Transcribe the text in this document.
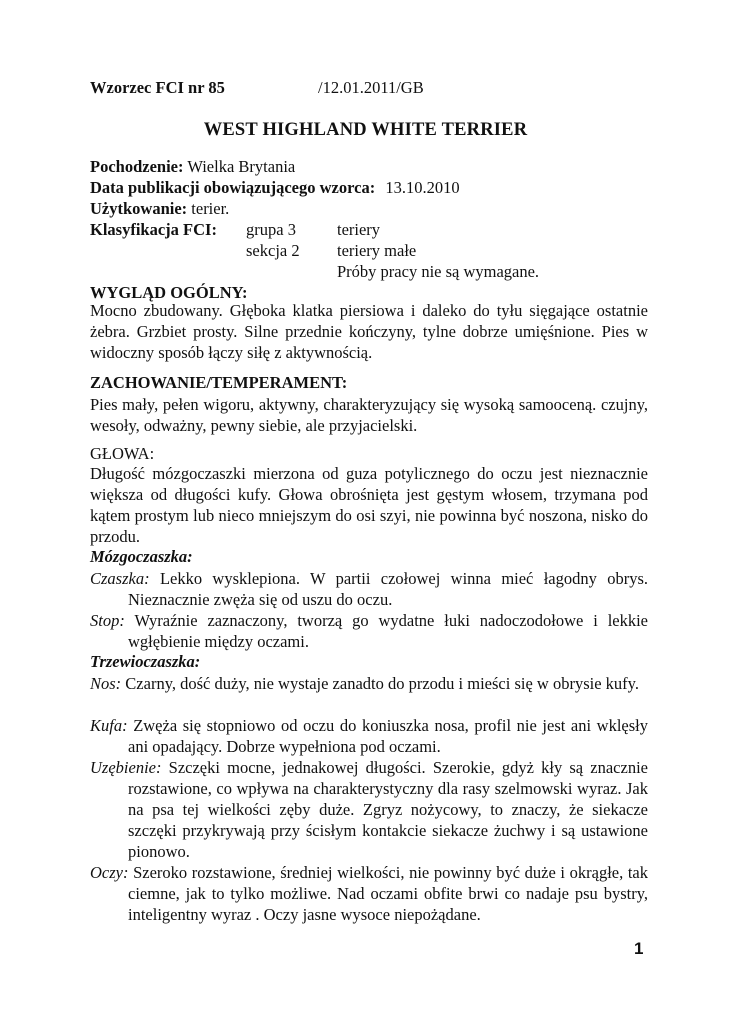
Wzorzec FCI nr 85	/12.01.2011/GB
WEST HIGHLAND WHITE TERRIER
Pochodzenie: Wielka Brytania
Data publikacji obowiązującego wzorca: 13.10.2010
Użytkowanie: terier.
Klasyfikacja FCI: grupa 3 teriery
sekcja 2 teriery małe
Próby pracy nie są wymagane.
WYGLĄD OGÓLNY:
Mocno zbudowany. Głęboka klatka piersiowa i daleko do tyłu sięgające ostatnie żebra. Grzbiet prosty. Silne przednie kończyny, tylne dobrze umięśnione. Pies w widoczny sposób łączy siłę z aktywnością.
ZACHOWANIE/TEMPERAMENT:
Pies mały, pełen wigoru, aktywny, charakteryzujący się wysoką samooceną. czujny, wesoły, odważny, pewny siebie, ale przyjacielski.
GŁOWA:
Długość mózgoczaszki mierzona od guza potylicznego do oczu jest nieznacznie większa od długości kufy. Głowa obrośnięta jest gęstym włosem, trzymana pod kątem prostym lub nieco mniejszym do osi szyi, nie powinna być noszona, nisko do przodu.
Mózgoczaszka:
Czaszka: Lekko wysklepiona. W partii czołowej winna mieć łagodny obrys. Nieznacznie zwęża się od uszu do oczu.
Stop: Wyraźnie zaznaczony, tworzą go wydatne łuki nadoczodołowe i lekkie wgłębienie między oczami.
Trzewioczaszka:
Nos: Czarny, dość duży, nie wystaje zanadto do przodu i mieści się w obrysie kufy.
Kufa: Zwęża się stopniowo od oczu do koniuszka nosa, profil nie jest ani wklęsły ani opadający. Dobrze wypełniona pod oczami.
Uzębienie: Szczęki mocne, jednakowej długości. Szerokie, gdyż kły są znacznie rozstawione, co wpływa na charakterystyczny dla rasy szelmowski wyraz. Jak na psa tej wielkości zęby duże. Zgryz nożycowy, to znaczy, że siekacze szczęki przykrywają przy ścisłym kontakcie siekacze żuchwy i są ustawione pionowo.
Oczy: Szeroko rozstawione, średniej wielkości, nie powinny być duże i okrągłe, tak ciemne, jak to tylko możliwe. Nad oczami obfite brwi co nadaje psu bystry, inteligentny wyraz . Oczy jasne wysoce niepożądane.
1
